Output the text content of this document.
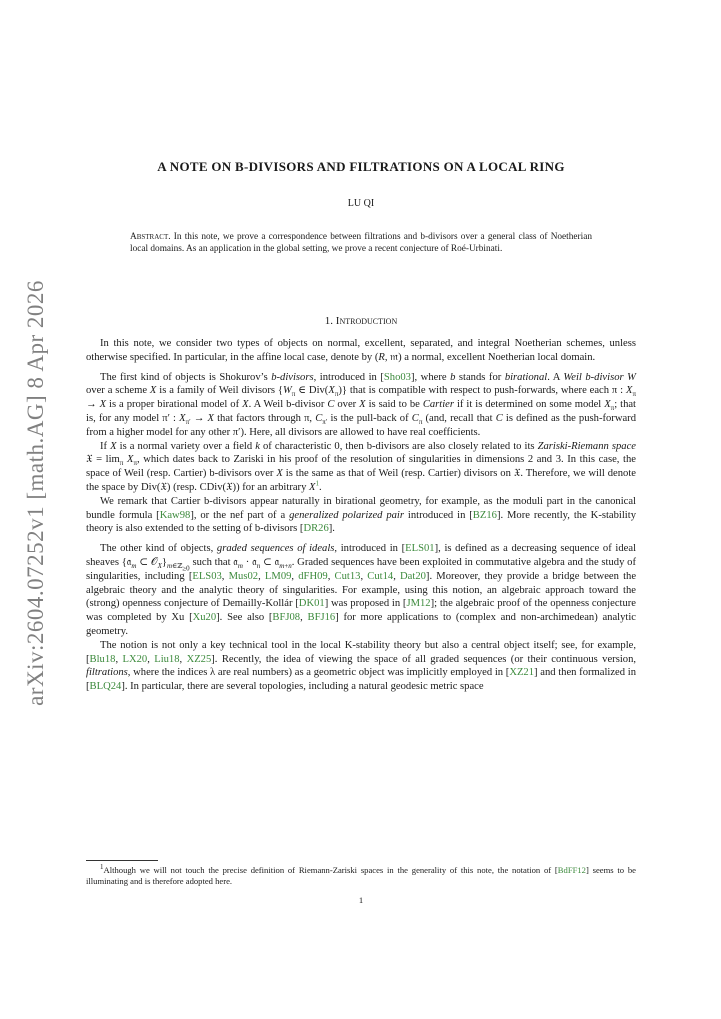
arXiv:2604.07252v1 [math.AG] 8 Apr 2026
A NOTE ON B-DIVISORS AND FILTRATIONS ON A LOCAL RING
LU QI
Abstract. In this note, we prove a correspondence between filtrations and b-divisors over a general class of Noetherian local domains. As an application in the global setting, we prove a recent conjecture of Roé-Urbinati.
1. Introduction

In this note, we consider two types of objects on normal, excellent, separated, and integral Noetherian schemes, unless otherwise specified. In particular, in the affine local case, denote by (R, 𝔪) a normal, excellent Noetherian local domain.

The first kind of objects is Shokurov’s b-divisors, introduced in [Sho03], where b stands for birational. A Weil b-divisor W over a scheme X is a family of Weil divisors {$W_\pi$ ∈ $Div(X_\pi)$} that is compatible with respect to push-forwards, where each π : $X_\pi \to X$ is a proper birational model of X. A Weil b-divisor C over X is said to be Cartier if it is determined on some model $X_\pi$; that is, for any model π′ : $X_{\pi'} \to X$ that factors through π, $C_{\pi'}$ is the pull-back of $C_\pi$ (and, recall that C is defined as the push-forward from a higher model for any other π′). Here, all divisors are allowed to have real coefficients.

If X is a normal variety over a field k of characteristic 0, then b-divisors are also closely related to its Zariski-Riemann space 𝔛 = $\lim_\pi X_\pi$, which dates back to Zariski in his proof of the resolution of singularities in dimensions 2 and 3. In this case, the space of Weil (resp. Cartier) b-divisors over X is the same as that of Weil (resp. Cartier) divisors on 𝔛. Therefore, we will denote the space by Div(𝔛) (resp. CDiv(𝔛)) for an arbitrary X$^1$.

We remark that Cartier b-divisors appear naturally in birational geometry, for example, as the moduli part in the canonical bundle formula [Kaw98], or the nef part of a generalized polarized pair introduced in [BZ16]. More recently, the K-stability theory is also extended to the setting of b-divisors [DR26].

The other kind of objects, graded sequences of ideals, introduced in [ELS01], is defined as a decreasing sequence of ideal sheaves {𝔞$_m$ ⊂ $𝒪_X\}_{m\in ℤ_{\ge 0}}$ such that 𝔞$_m$ · 𝔞$_n$ ⊂ 𝔞$_{m+n}$. Graded sequences have been exploited in commutative algebra and the study of singularities, including [ELS03, Mus02, LM09, dFH09, Cut13, Cut14, Dat20]. Moreover, they provide a bridge between the algebraic theory and the analytic theory of singularities. For example, using this notion, an algebraic approach toward the (strong) openness conjecture of Demailly-Kollár [DK01] was proposed in [JM12]; the algebraic proof of the openness conjecture was completed by Xu [Xu20]. See also [BFJ08, BFJ16] for more applications to (complex and non-archimedean) analytic geometry.

The notion is not only a key technical tool in the local K-stability theory but also a central object itself; see, for example, [Blu18, LX20, Liu18, XZ25]. Recently, the idea of viewing the space of all graded sequences (or their continuous version, filtrations, where the indices λ are real numbers) as a geometric object was implicitly employed in [XZ21] and then formalized in [BLQ24]. In particular, there are several topologies, including a natural geodesic metric space

$^1$Although we will not touch the precise definition of Riemann-Zariski spaces in the generality of this note, the notation of [BdFF12] seems to be illuminating and is therefore adopted here.
1
